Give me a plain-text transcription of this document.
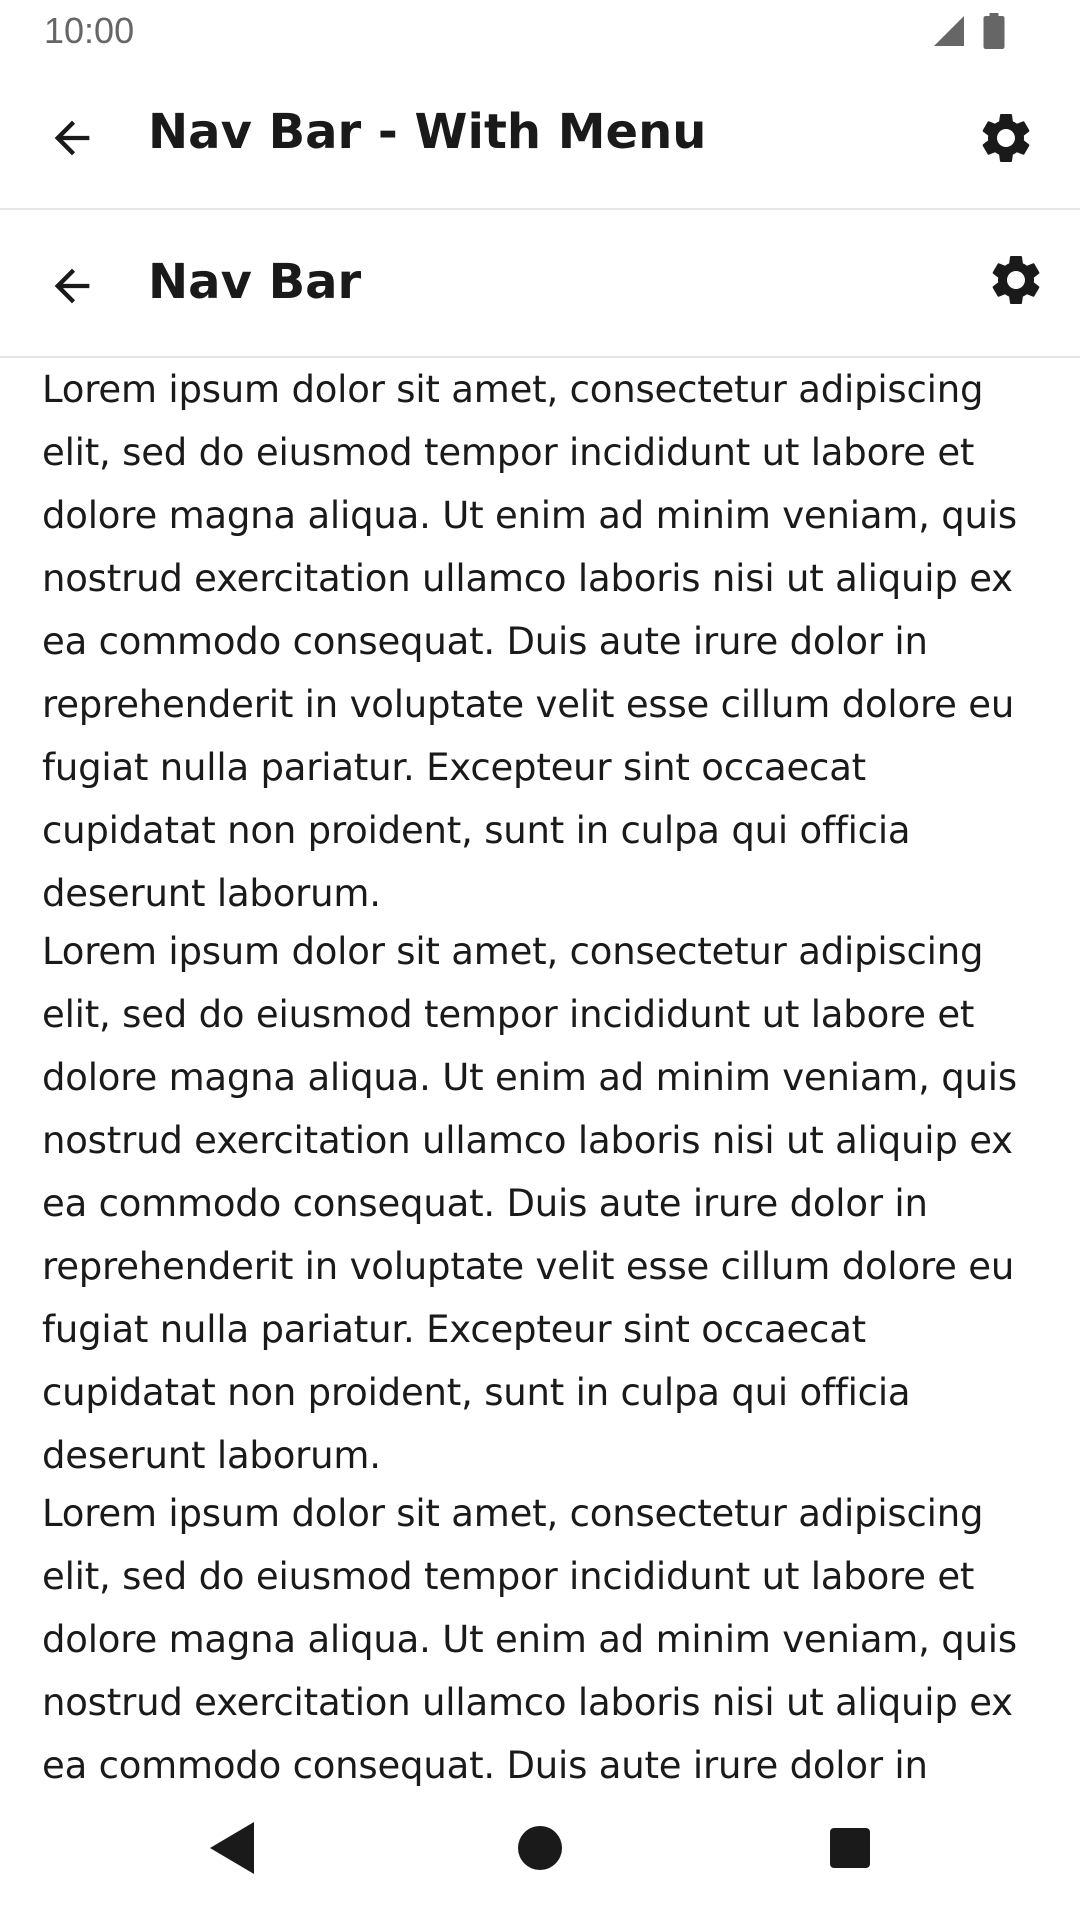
10:00
Nav Bar - With Menu
Nav Bar

Lorem ipsum dolor sit amet, consectetur adipiscing elit, sed do eiusmod tempor incididunt ut labore et dolore magna aliqua. Ut enim ad minim veniam, quis nostrud exercitation ullamco laboris nisi ut aliquip ex ea commodo consequat. Duis aute irure dolor in reprehenderit in voluptate velit esse cillum dolore eu fugiat nulla pariatur. Excepteur sint occaecat cupidatat non proident, sunt in culpa qui officia deserunt laborum.

Lorem ipsum dolor sit amet, consectetur adipiscing elit, sed do eiusmod tempor incididunt ut labore et dolore magna aliqua. Ut enim ad minim veniam, quis nostrud exercitation ullamco laboris nisi ut aliquip ex ea commodo consequat. Duis aute irure dolor in reprehenderit in voluptate velit esse cillum dolore eu fugiat nulla pariatur. Excepteur sint occaecat cupidatat non proident, sunt in culpa qui officia deserunt laborum.

Lorem ipsum dolor sit amet, consectetur adipiscing elit, sed do eiusmod tempor incididunt ut labore et dolore magna aliqua. Ut enim ad minim veniam, quis nostrud exercitation ullamco laboris nisi ut aliquip ex ea commodo consequat. Duis aute irure dolor in
